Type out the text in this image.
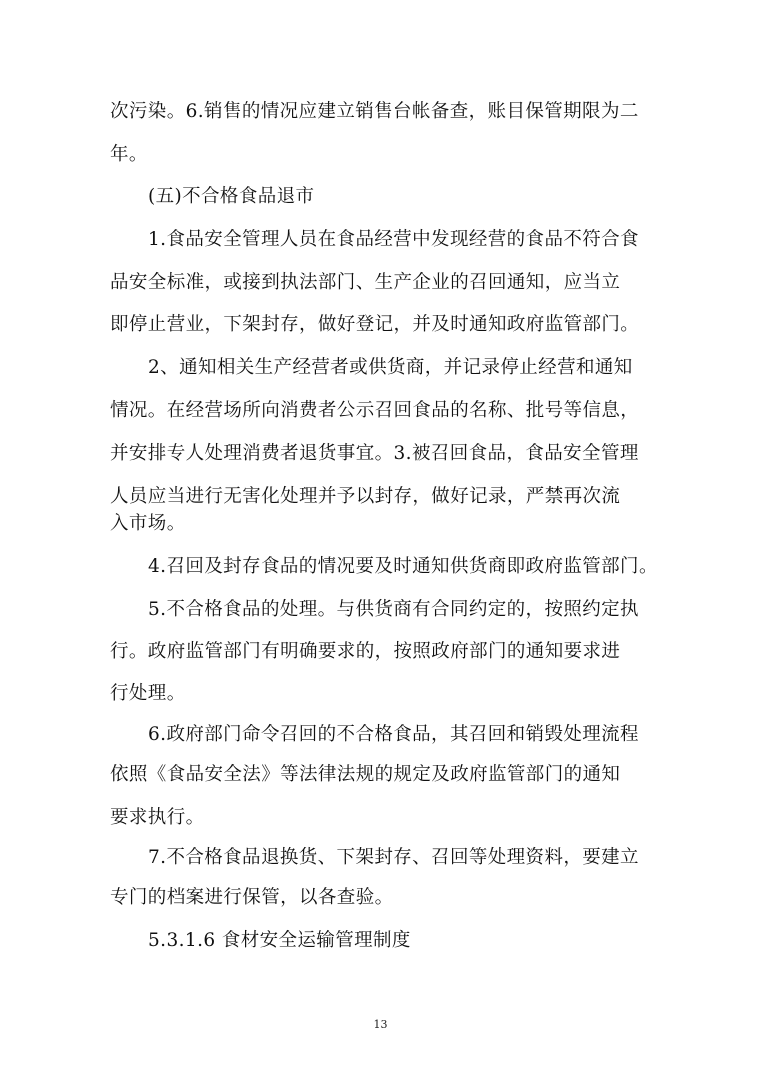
次污染。6.销售的情况应建立销售台帐备查，账目保管期限为二
年。
(五)不合格食品退市
1.食品安全管理人员在食品经营中发现经营的食品不符合食
品安全标准，或接到执法部门、生产企业的召回通知，应当立
即停止营业，下架封存，做好登记，并及时通知政府监管部门。
2、通知相关生产经营者或供货商，并记录停止经营和通知
情况。在经营场所向消费者公示召回食品的名称、批号等信息，
并安排专人处理消费者退货事宜。3.被召回食品，食品安全管理
人员应当进行无害化处理并予以封存，做好记录，严禁再次流
入市场。
4.召回及封存食品的情况要及时通知供货商即政府监管部门。
5.不合格食品的处理。与供货商有合同约定的，按照约定执
行。政府监管部门有明确要求的，按照政府部门的通知要求进
行处理。
6.政府部门命令召回的不合格食品，其召回和销毁处理流程
依照《食品安全法》等法律法规的规定及政府监管部门的通知
要求执行。
7.不合格食品退换货、下架封存、召回等处理资料，要建立
专门的档案进行保管，以各查验。
5.3.1.6 食材安全运输管理制度
13
